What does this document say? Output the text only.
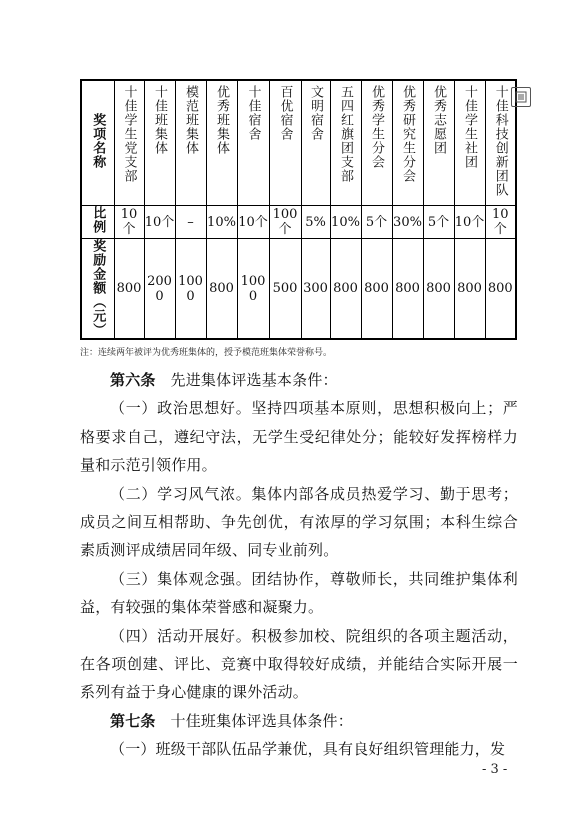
奖项名称	十佳学生党支部	十佳班集体	模范班集体	优秀班集体	十佳宿舍	百优宿舍	文明宿舍	五四红旗团支部	优秀学生分会	优秀研究生分会	优秀志愿团	十佳学生社团	十佳科技创新团队
比例	10个	10个	–	10%	10个	100个	5%	10%	5个	30%	5个	10个	10个
奖励金额（元）	800	2000	1000	800	1000	500	300	800	800	800	800	800	800
注：连续两年被评为优秀班集体的，授予模范班集体荣誉称号。

第六条 先进集体评选基本条件：

（一）政治思想好。坚持四项基本原则，思想积极向上；严格要求自己，遵纪守法，无学生受纪律处分；能较好发挥榜样力量和示范引领作用。

（二）学习风气浓。集体内部各成员热爱学习、勤于思考；成员之间互相帮助、争先创优，有浓厚的学习氛围；本科生综合素质测评成绩居同年级、同专业前列。

（三）集体观念强。团结协作，尊敬师长，共同维护集体利益，有较强的集体荣誉感和凝聚力。

（四）活动开展好。积极参加校、院组织的各项主题活动，在各项创建、评比、竞赛中取得较好成绩，并能结合实际开展一系列有益于身心健康的课外活动。

第七条 十佳班集体评选具体条件：

（一）班级干部队伍品学兼优，具有良好组织管理能力，发

- 3 -
